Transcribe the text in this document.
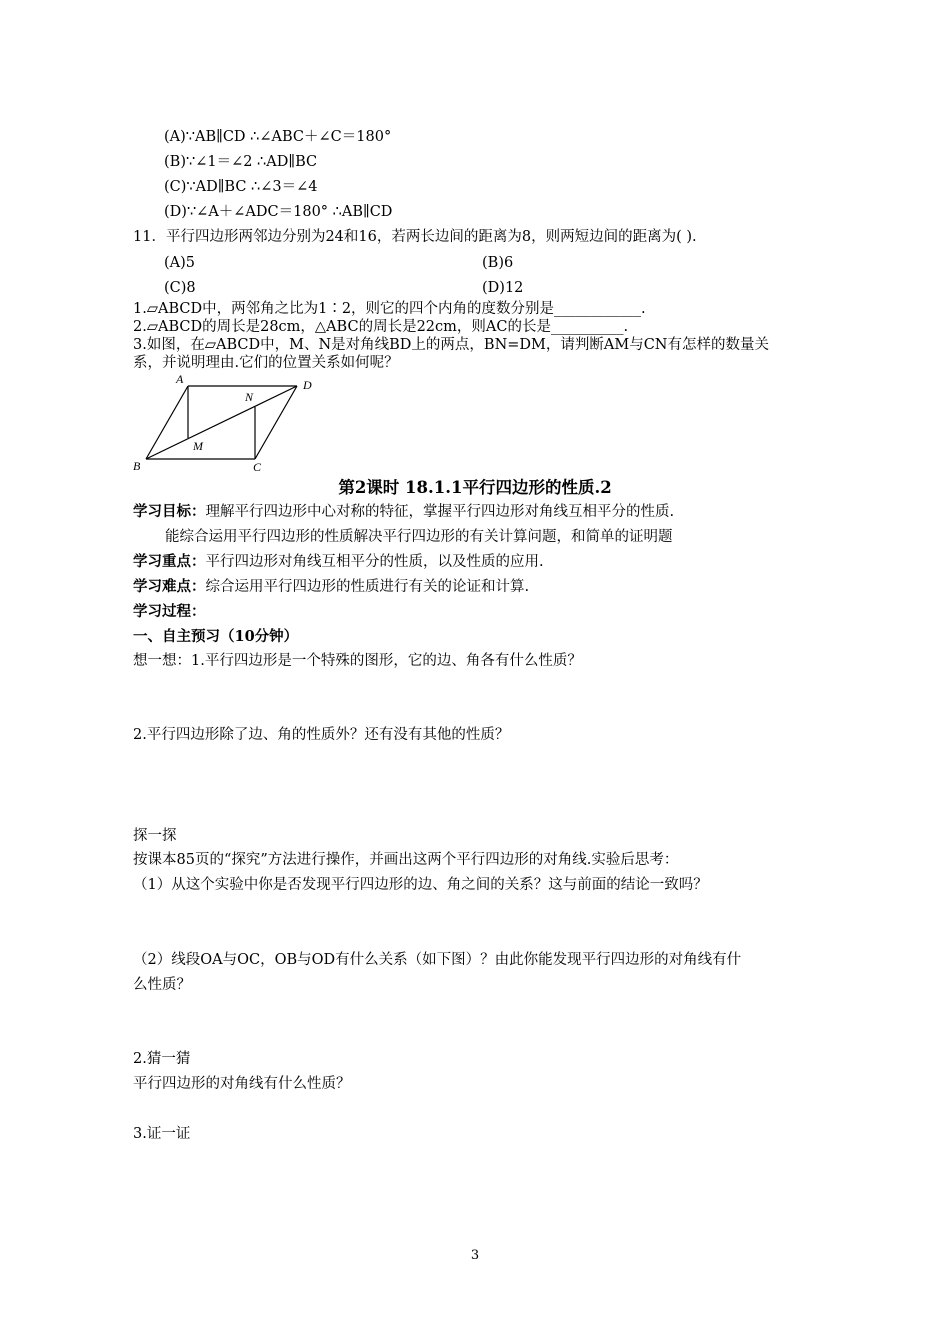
(A)∵AB∥CD ∴∠ABC＋∠C＝180°
(B)∵∠1＝∠2 ∴AD∥BC
(C)∵AD∥BC ∴∠3＝∠4
(D)∵∠A＋∠ADC＝180° ∴AB∥CD
11．平行四边形两邻边分别为24和16，若两长边间的距离为8，则两短边间的距离为( ).
(A)5	(B)6
(C)8	(D)12
1.▱ABCD中，两邻角之比为1∶2，则它的四个内角的度数分别是____________.
2.▱ABCD的周长是28cm，△ABC的周长是22cm，则AC的长是__________.
3.如图，在▱ABCD中，M、N是对角线BD上的两点，BN=DM，请判断AM与CN有怎样的数量关
系，并说明理由.它们的位置关系如何呢？
A	D
B	C
N
M
第2课时 18.1.1平行四边形的性质.2
学习目标：理解平行四边形中心对称的特征，掌握平行四边形对角线互相平分的性质.
能综合运用平行四边形的性质解决平行四边形的有关计算问题，和简单的证明题
学习重点：平行四边形对角线互相平分的性质，以及性质的应用.
学习难点：综合运用平行四边形的性质进行有关的论证和计算.
学习过程：
一、自主预习（10分钟）
想一想：1.平行四边形是一个特殊的图形，它的边、角各有什么性质？
2.平行四边形除了边、角的性质外？还有没有其他的性质？
探一探
按课本85页的“探究”方法进行操作，并画出这两个平行四边形的对角线.实验后思考：
（1）从这个实验中你是否发现平行四边形的边、角之间的关系？这与前面的结论一致吗？
（2）线段OA与OC，OB与OD有什么关系（如下图）？由此你能发现平行四边形的对角线有什
么性质？
2.猜一猜
平行四边形的对角线有什么性质？
3.证一证
3
